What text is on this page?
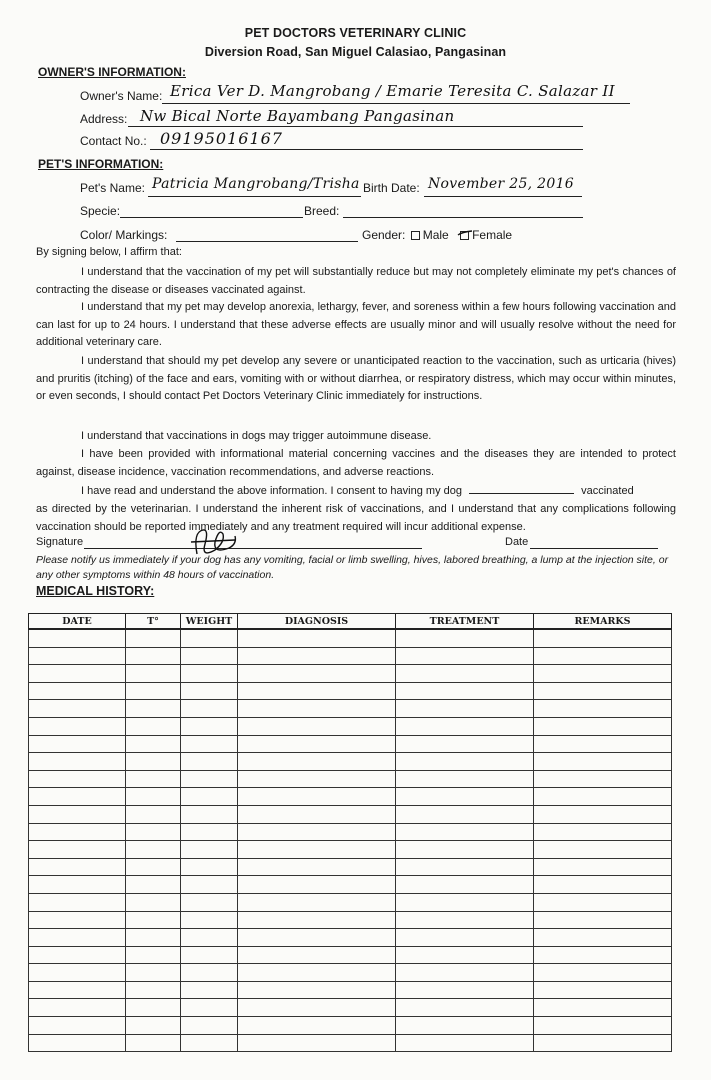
PET DOCTORS VETERINARY CLINIC
Diversion Road, San Miguel Calasiao, Pangasinan
OWNER'S INFORMATION:
Owner's Name: Erica Ver D. Mangrobang / Emarie Teresita C. Salazar II
Address: Nw Bical Norte Bayambang Pangasinan
Contact No.: 09195016167
PET'S INFORMATION:
Pet's Name: Patricia Mangrobang/Trisha Birth Date: November 25, 2016
Specie:	Breed:
Color/ Markings:	Gender: Male Female
By signing below, I affirm that:
I understand that the vaccination of my pet will substantially reduce but may not completely eliminate my pet's chances of contracting the disease or diseases vaccinated against.
I understand that my pet may develop anorexia, lethargy, fever, and soreness within a few hours following vaccination and can last for up to 24 hours. I understand that these adverse effects are usually minor and will usually resolve without the need for additional veterinary care.
I understand that should my pet develop any severe or unanticipated reaction to the vaccination, such as urticaria (hives) and pruritis (itching) of the face and ears, vomiting with or without diarrhea, or respiratory distress, which may occur within minutes, or even seconds, I should contact Pet Doctors Veterinary Clinic immediately for instructions.
I understand that vaccinations in dogs may trigger autoimmune disease.
I have been provided with informational material concerning vaccines and the diseases they are intended to protect against, disease incidence, vaccination recommendations, and adverse reactions.
I have read and understand the above information. I consent to having my dog	vaccinated
as directed by the veterinarian. I understand the inherent risk of vaccinations, and I understand that any complications following vaccination should be reported immediately and any treatment required will incur additional expense.
Signature	Date
Please notify us immediately if your dog has any vomiting, facial or limb swelling, hives, labored breathing, a lump at the injection site, or any other symptoms within 48 hours of vaccination.
MEDICAL HISTORY:
DATE	T°	WEIGHT	DIAGNOSIS	TREATMENT	REMARKS
